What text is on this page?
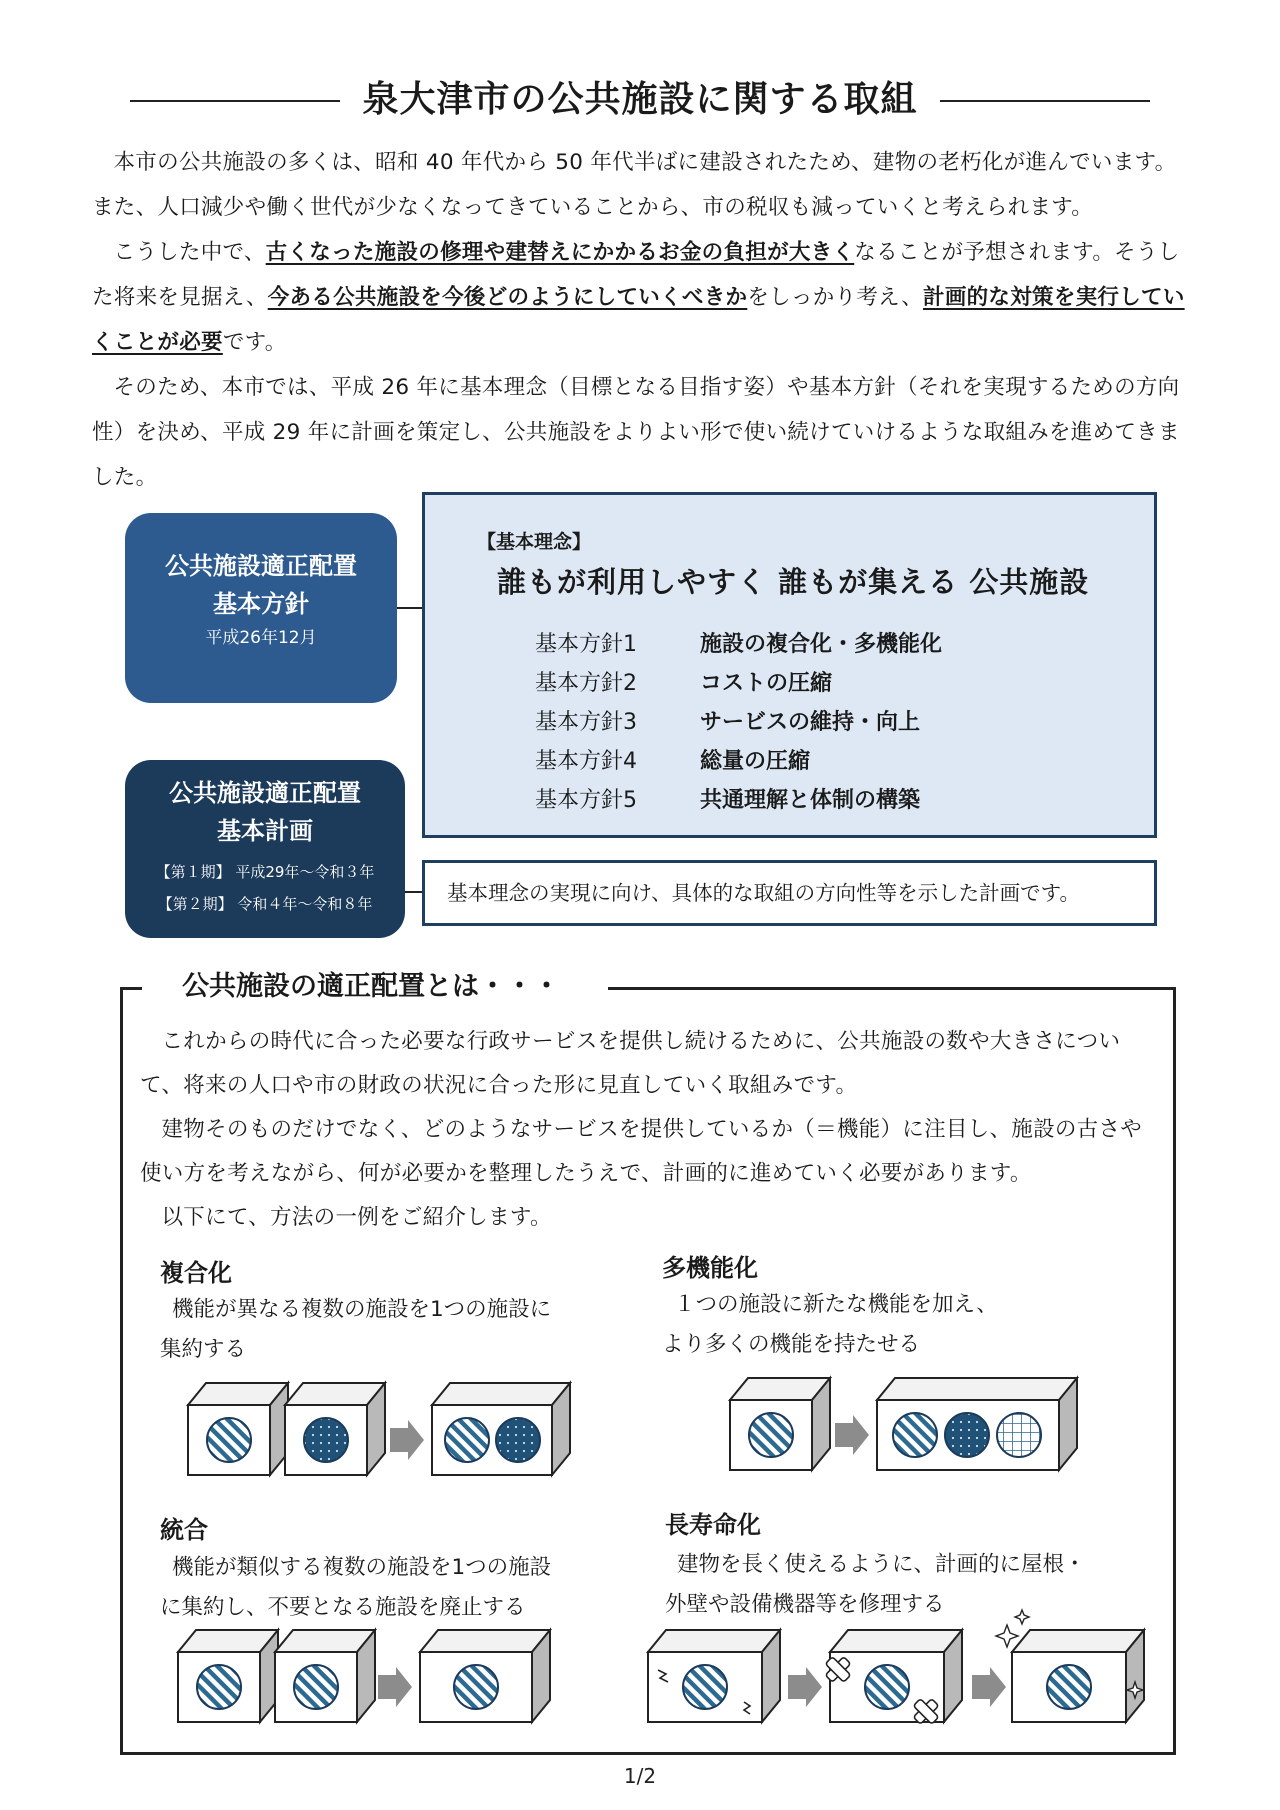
泉大津市の公共施設に関する取組

本市の公共施設の多くは、昭和 40 年代から 50 年代半ばに建設されたため、建物の老朽化が進んでいます。また、人口減少や働く世代が少なくなってきていることから、市の税収も減っていくと考えられます。

こうした中で、古くなった施設の修理や建替えにかかるお金の負担が大きくなることが予想されます。そうした将来を見据え、今ある公共施設を今後どのようにしていくべきかをしっかり考え、計画的な対策を実行していくことが必要です。

そのため、本市では、平成 26 年に基本理念（目標となる目指す姿）や基本方針（それを実現するための方向性）を決め、平成 29 年に計画を策定し、公共施設をよりよい形で使い続けていけるような取組みを進めてきました。

公共施設適正配置
基本方針
平成26年12月
公共施設適正配置
基本計画
【第１期】 平成29年～令和３年
【第２期】 令和４年～令和８年
【基本理念】
誰もが利用しやすく 誰もが集える 公共施設
基本方針1	施設の複合化・多機能化
基本方針2	コストの圧縮
基本方針3	サービスの維持・向上
基本方針4	総量の圧縮
基本方針5	共通理解と体制の構築
基本理念の実現に向け、具体的な取組の方向性等を示した計画です。
公共施設の適正配置とは・・・

これからの時代に合った必要な行政サービスを提供し続けるために、公共施設の数や大きさについて、将来の人口や市の財政の状況に合った形に見直していく取組みです。

建物そのものだけでなく、どのようなサービスを提供しているか（＝機能）に注目し、施設の古さや使い方を考えながら、何が必要かを整理したうえで、計画的に進めていく必要があります。

以下にて、方法の一例をご紹介します。

複合化
機能が異なる複数の施設を1つの施設に
集約する
多機能化
１つの施設に新たな機能を加え、
より多くの機能を持たせる
統合
機能が類似する複数の施設を1つの施設
に集約し、不要となる施設を廃止する
長寿命化
建物を長く使えるように、計画的に屋根・
外壁や設備機器等を修理する
1/2
